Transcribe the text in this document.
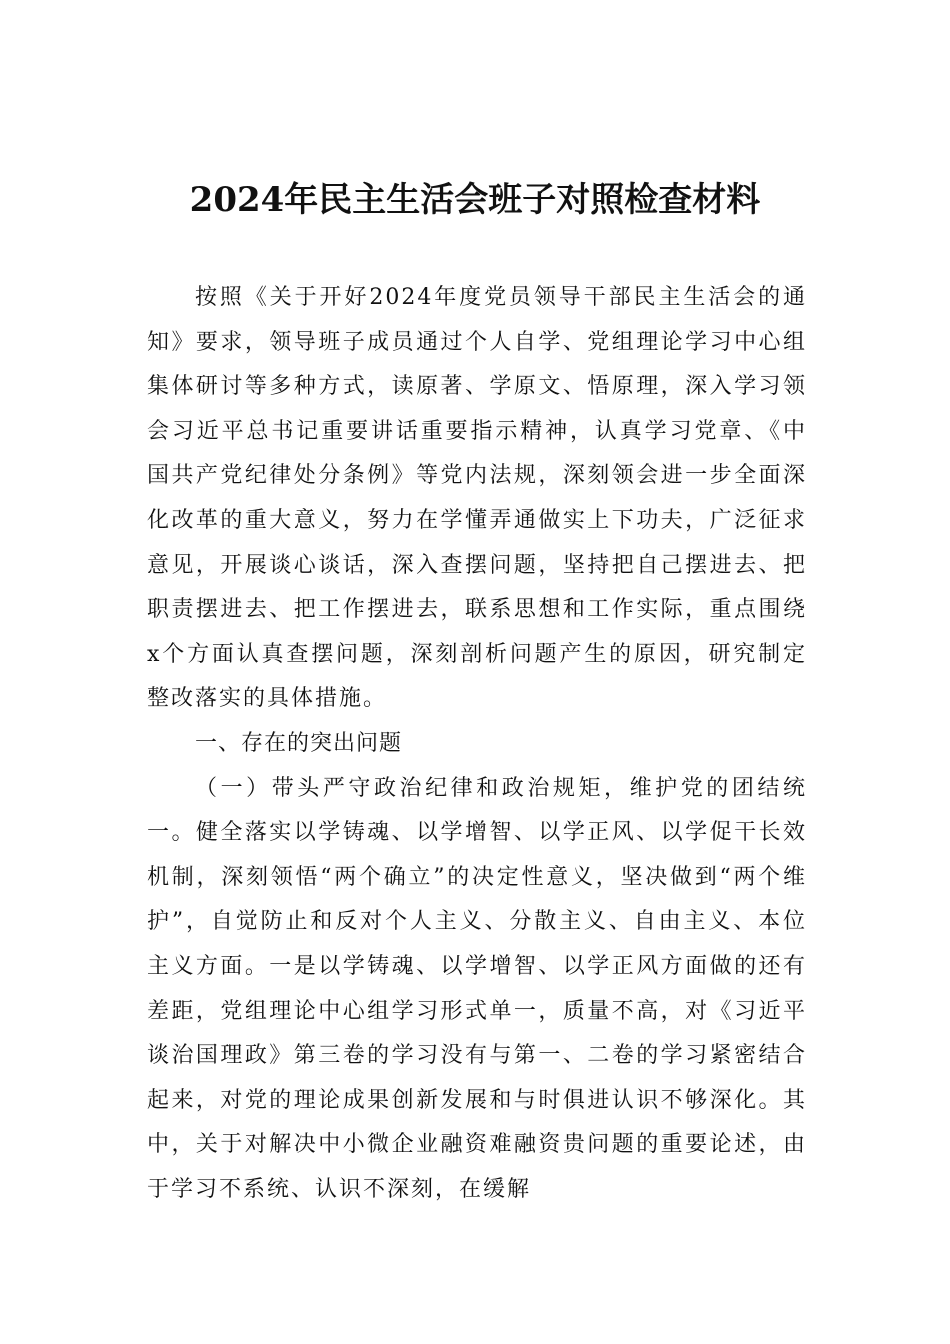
2024年民主生活会班子对照检查材料

按照《关于开好2024年度党员领导干部民主生活会的通知》要求，领导班子成员通过个人自学、党组理论学习中心组集体研讨等多种方式，读原著、学原文、悟原理，深入学习领会习近平总书记重要讲话重要指示精神，认真学习党章、《中国共产党纪律处分条例》等党内法规，深刻领会进一步全面深化改革的重大意义，努力在学懂弄通做实上下功夫，广泛征求意见，开展谈心谈话，深入查摆问题，坚持把自己摆进去、把职责摆进去、把工作摆进去，联系思想和工作实际，重点围绕x个方面认真查摆问题，深刻剖析问题产生的原因，研究制定整改落实的具体措施。

一、存在的突出问题

（一）带头严守政治纪律和政治规矩，维护党的团结统一。健全落实以学铸魂、以学增智、以学正风、以学促干长效机制，深刻领悟“两个确立”的决定性意义，坚决做到“两个维护”，自觉防止和反对个人主义、分散主义、自由主义、本位主义方面。一是以学铸魂、以学增智、以学正风方面做的还有差距，党组理论中心组学习形式单一，质量不高，对《习近平谈治国理政》第三卷的学习没有与第一、二卷的学习紧密结合起来，对党的理论成果创新发展和与时俱进认识不够深化。其中，关于对解决中小微企业融资难融资贵问题的重要论述，由于学习不系统、认识不深刻，在缓解
